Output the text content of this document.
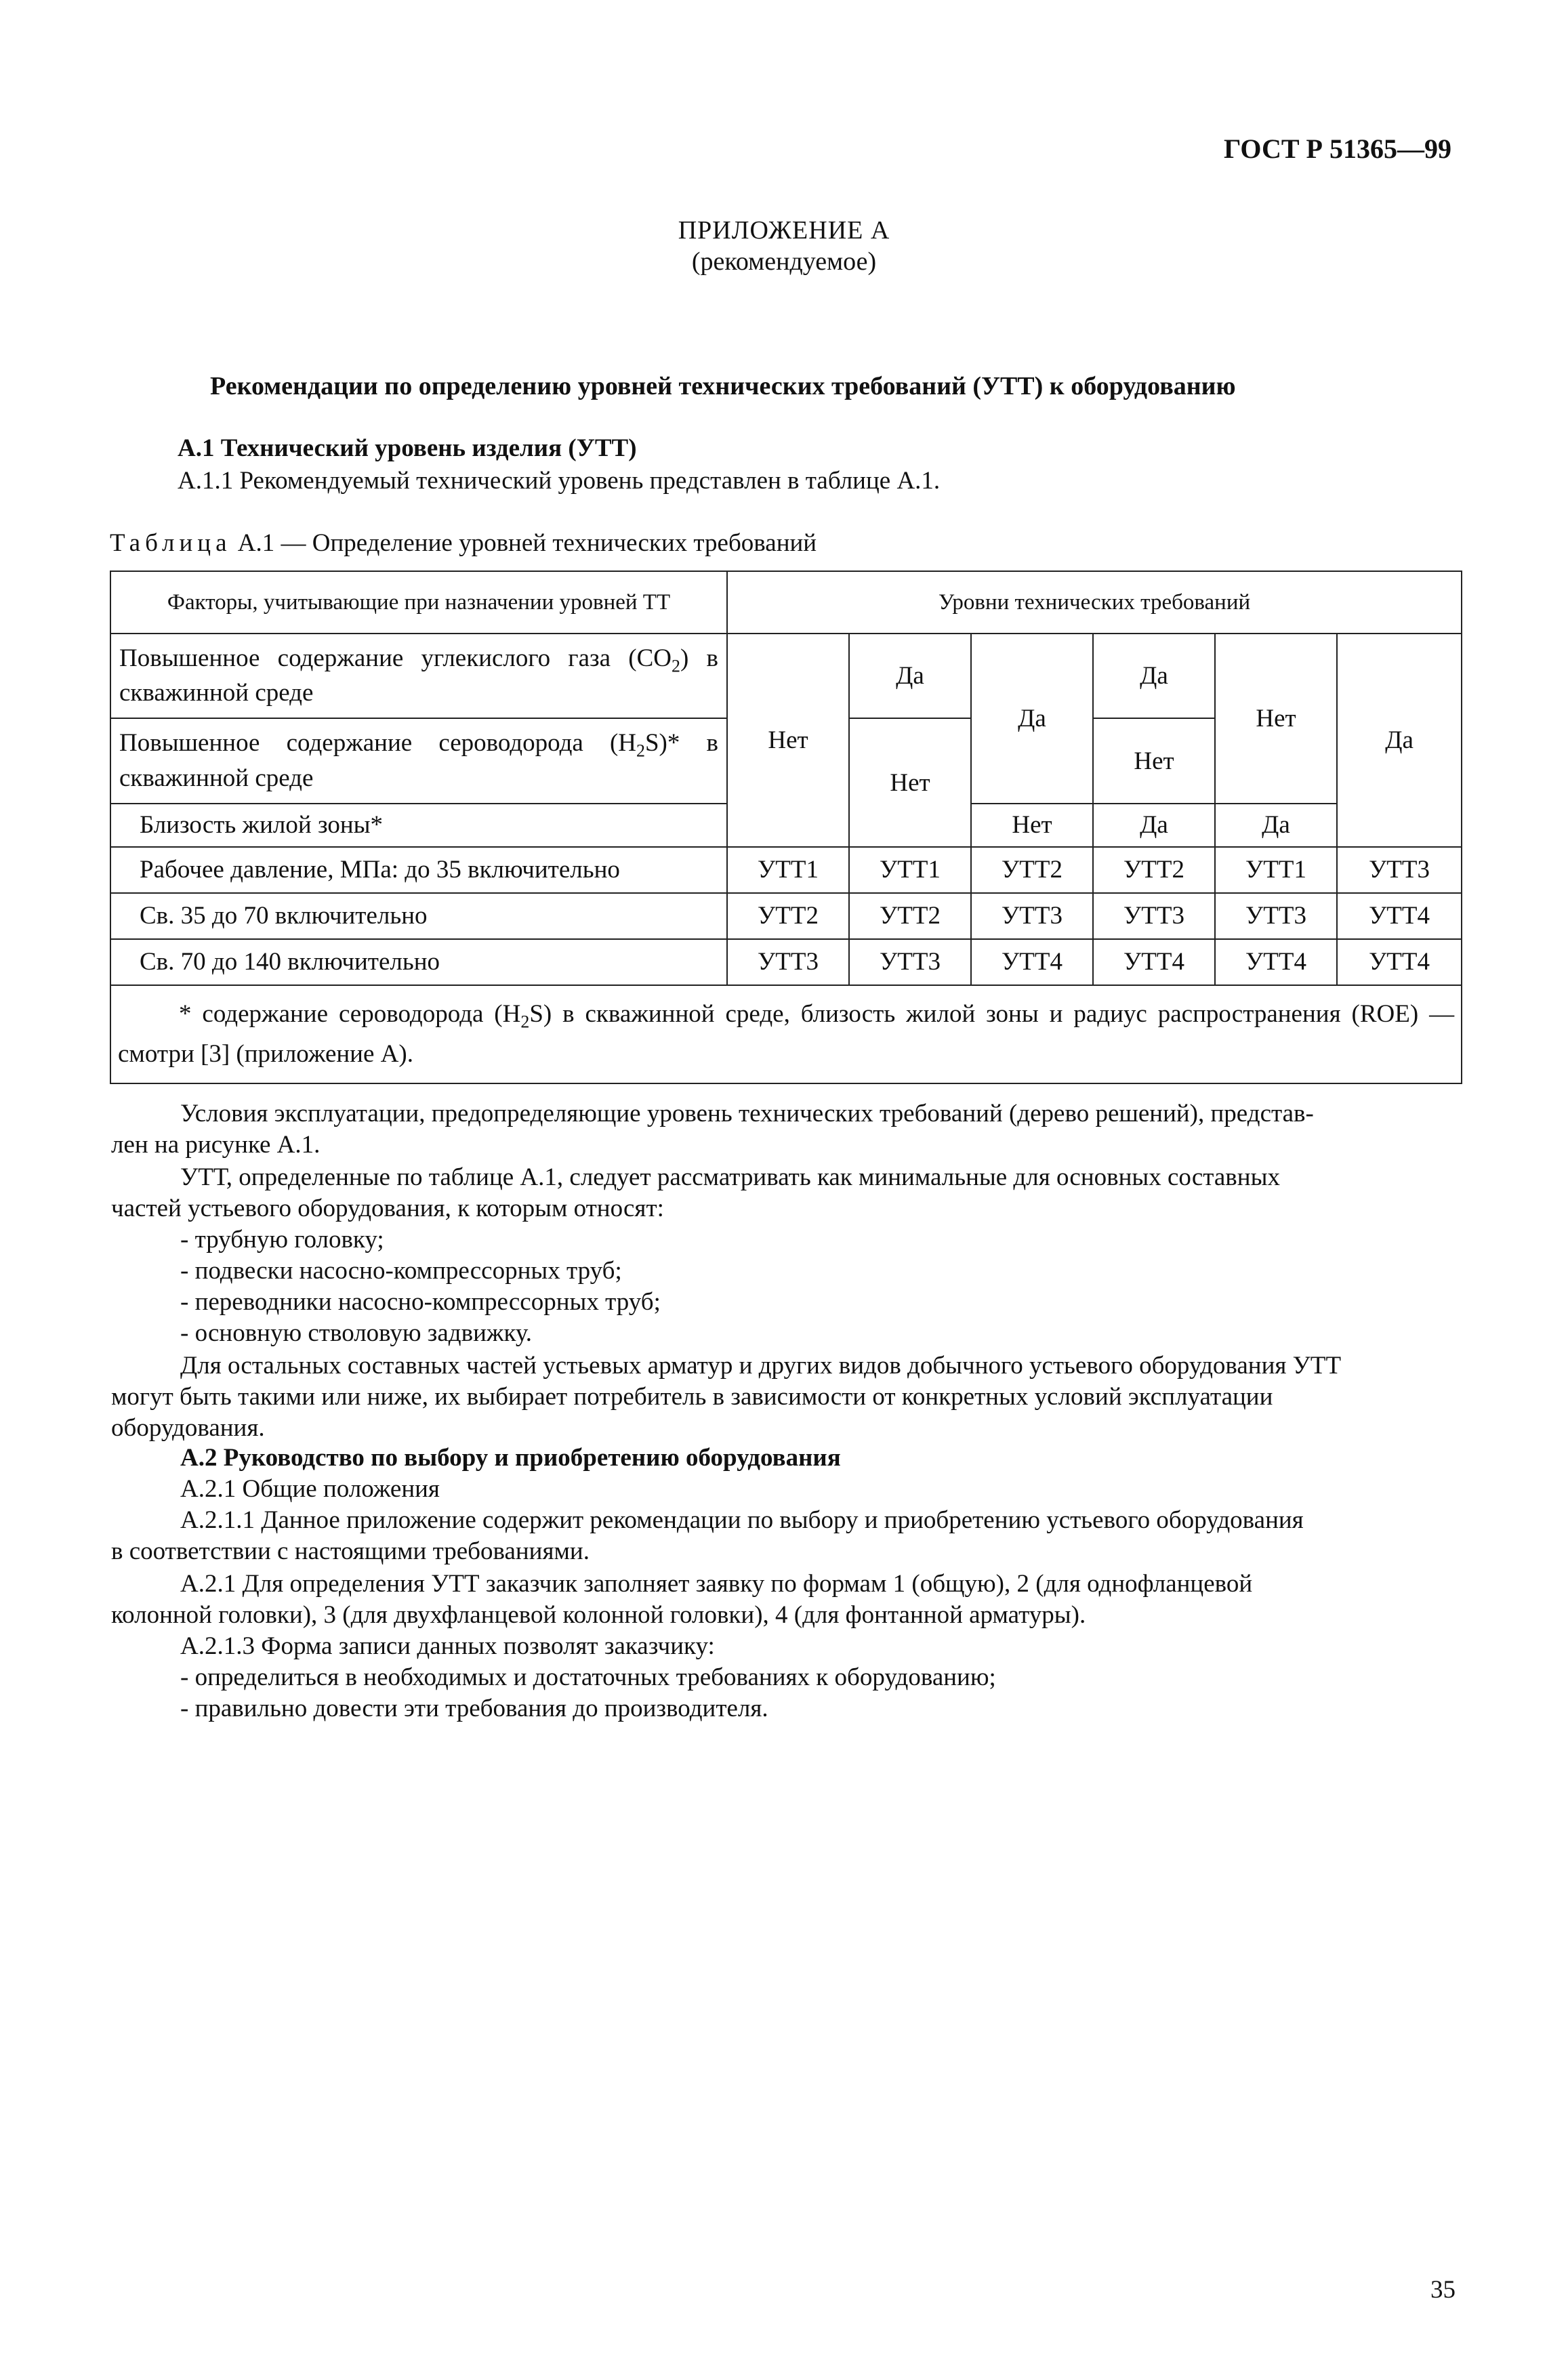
ГОСТ Р 51365—99
ПРИЛОЖЕНИЕ А
(рекомендуемое)
Рекомендации по определению уровней технических требований (УТТ) к оборудованию
А.1 Технический уровень изделия (УТТ)
А.1.1 Рекомендуемый технический уровень представлен в таблице А.1.
Таблица А.1 — Определение уровней технических требований
Факторы, учитывающие при назначении уровней ТТ	Уровни технических требований					
Повышенное содержание углекислого газа $(CO_2)$ в скважинной среде	Нет	Да	Да	Да	Нет	Да
Повышенное содержание сероводорода $(H_2S)*$ в скважинной среде		Нет		Нет		
Близость жилой зоны*			Нет	Да	Да	
Рабочее давление, МПа: до 35 включительно	УТТ1	УТТ1	УТТ2	УТТ2	УТТ1	УТТ3
Св. 35 до 70 включительно	УТТ2	УТТ2	УТТ3	УТТ3	УТТ3	УТТ4
Св. 70 до 140 включительно	УТТ3	УТТ3	УТТ4	УТТ4	УТТ4	УТТ4

* содержание сероводорода $(H_2S)$ в скважинной среде, близость жилой зоны и радиус распространения (ROE) — смотри [3] (приложение А).						
Условия эксплуатации, предопределяющие уровень технических требований (дерево решений), представ-
лен на рисунке А.1.
УТТ, определенные по таблице А.1, следует рассматривать как минимальные для основных составных
частей устьевого оборудования, к которым относят:
- трубную головку;
- подвески насосно-компрессорных труб;
- переводники насосно-компрессорных труб;
- основную стволовую задвижку.
Для остальных составных частей устьевых арматур и других видов добычного устьевого оборудования УТТ
могут быть такими или ниже, их выбирает потребитель в зависимости от конкретных условий эксплуатации
оборудования.
А.2 Руководство по выбору и приобретению оборудования
А.2.1 Общие положения
А.2.1.1 Данное приложение содержит рекомендации по выбору и приобретению устьевого оборудования
в соответствии с настоящими требованиями.
А.2.1 Для определения УТТ заказчик заполняет заявку по формам 1 (общую), 2 (для однофланцевой
колонной головки), 3 (для двухфланцевой колонной головки), 4 (для фонтанной арматуры).
А.2.1.3 Форма записи данных позволят заказчику:
- определиться в необходимых и достаточных требованиях к оборудованию;
- правильно довести эти требования до производителя.
35
